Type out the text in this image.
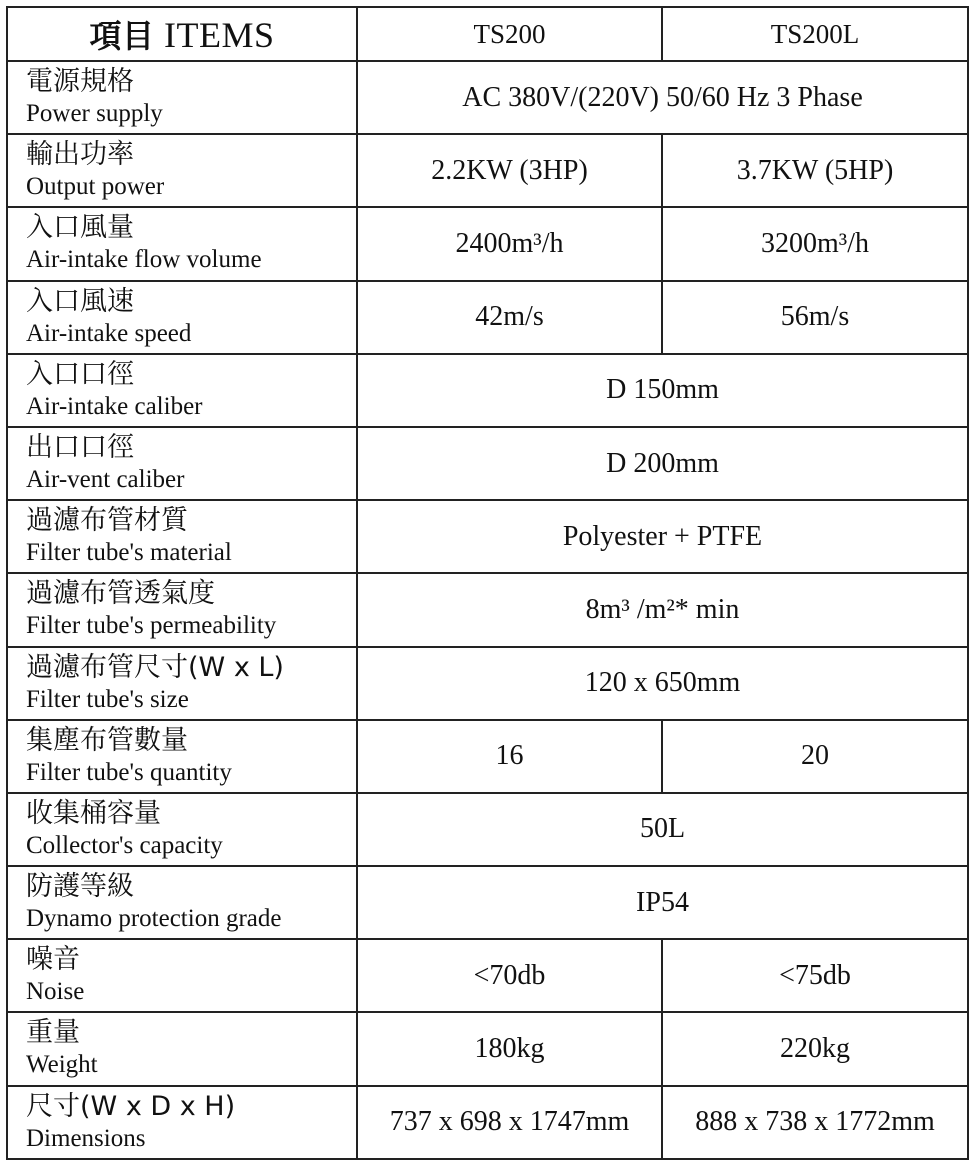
項目 ITEMS	TS200	TS200L

電源規格
Power supply	AC 380V/(220V) 50/60 Hz 3 Phase	

輸出功率
Output power	2.2KW (3HP)	3.7KW (5HP)

入口風量
Air-intake flow volume	2400m³/h	3200m³/h

入口風速
Air-intake speed	42m/s	56m/s

入口口徑
Air-intake caliber	D 150mm	

出口口徑
Air-vent caliber	D 200mm	

過濾布管材質
Filter tube's material	Polyester + PTFE	

過濾布管透氣度
Filter tube's permeability	8m³ /m²* min	

過濾布管尺寸(W x L)
Filter tube's size	120 x 650mm	

集塵布管數量
Filter tube's quantity	16	20

收集桶容量
Collector's capacity	50L	

防護等級
Dynamo protection grade	IP54	

噪音
Noise	<70db	<75db

重量
Weight	180kg	220kg

尺寸(W x D x H)
Dimensions	737 x 698 x 1747mm	888 x 738 x 1772mm
